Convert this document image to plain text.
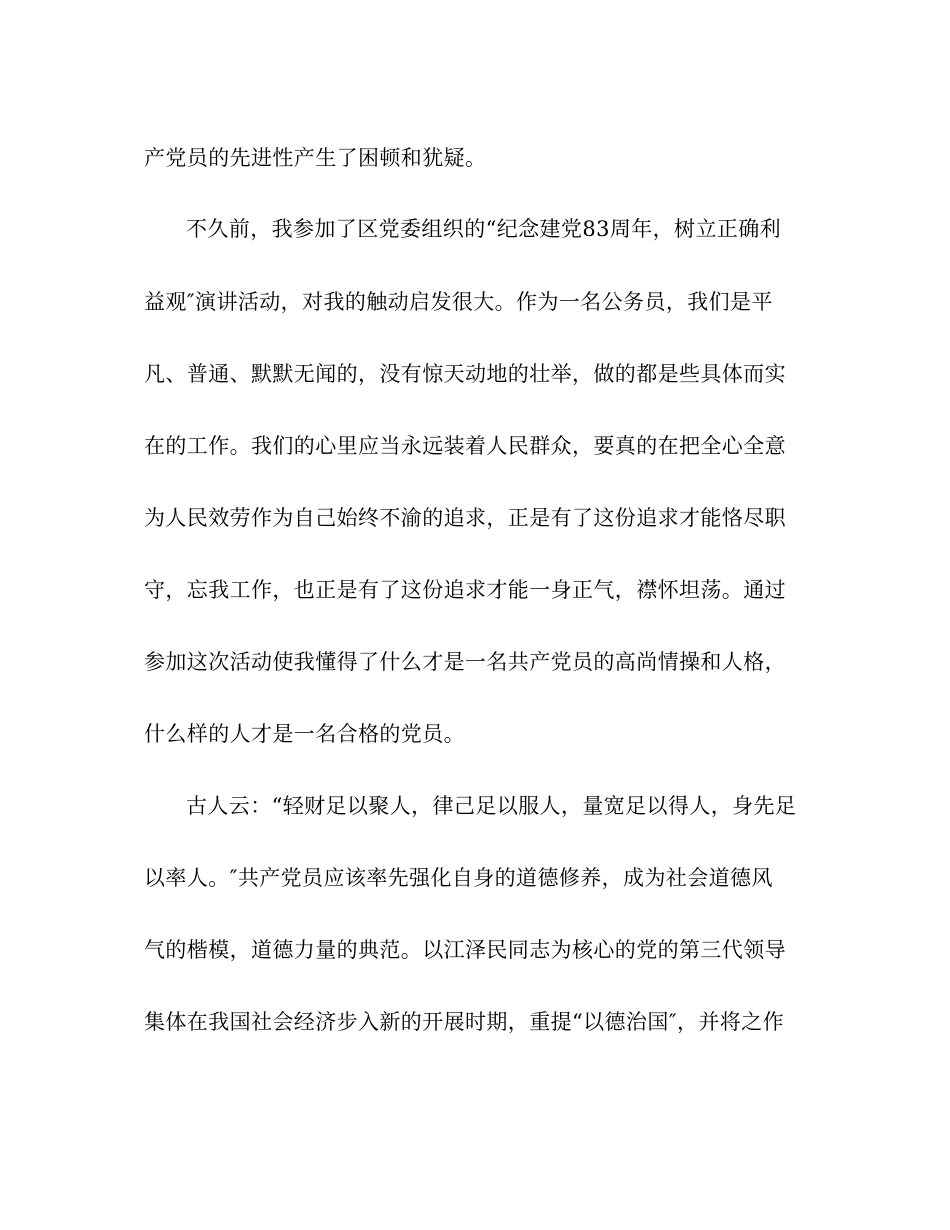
产党员的先进性产生了困顿和犹疑。
不久前，我参加了区党委组织的“纪念建党83周年，树立正确利
益观″演讲活动，对我的触动启发很大。作为一名公务员，我们是平
凡、普通、默默无闻的，没有惊天动地的壮举，做的都是些具体而实
在的工作。我们的心里应当永远装着人民群众，要真的在把全心全意
为人民效劳作为自己始终不渝的追求，正是有了这份追求才能恪尽职
守，忘我工作，也正是有了这份追求才能一身正气，襟怀坦荡。通过
参加这次活动使我懂得了什么才是一名共产党员的高尚情操和人格，
什么样的人才是一名合格的党员。
古人云：“轻财足以聚人，律己足以服人，量宽足以得人，身先足
以率人。″共产党员应该率先强化自身的道德修养，成为社会道德风
气的楷模，道德力量的典范。以江泽民同志为核心的党的第三代领导
集体在我国社会经济步入新的开展时期，重提“以德治国″，并将之作
